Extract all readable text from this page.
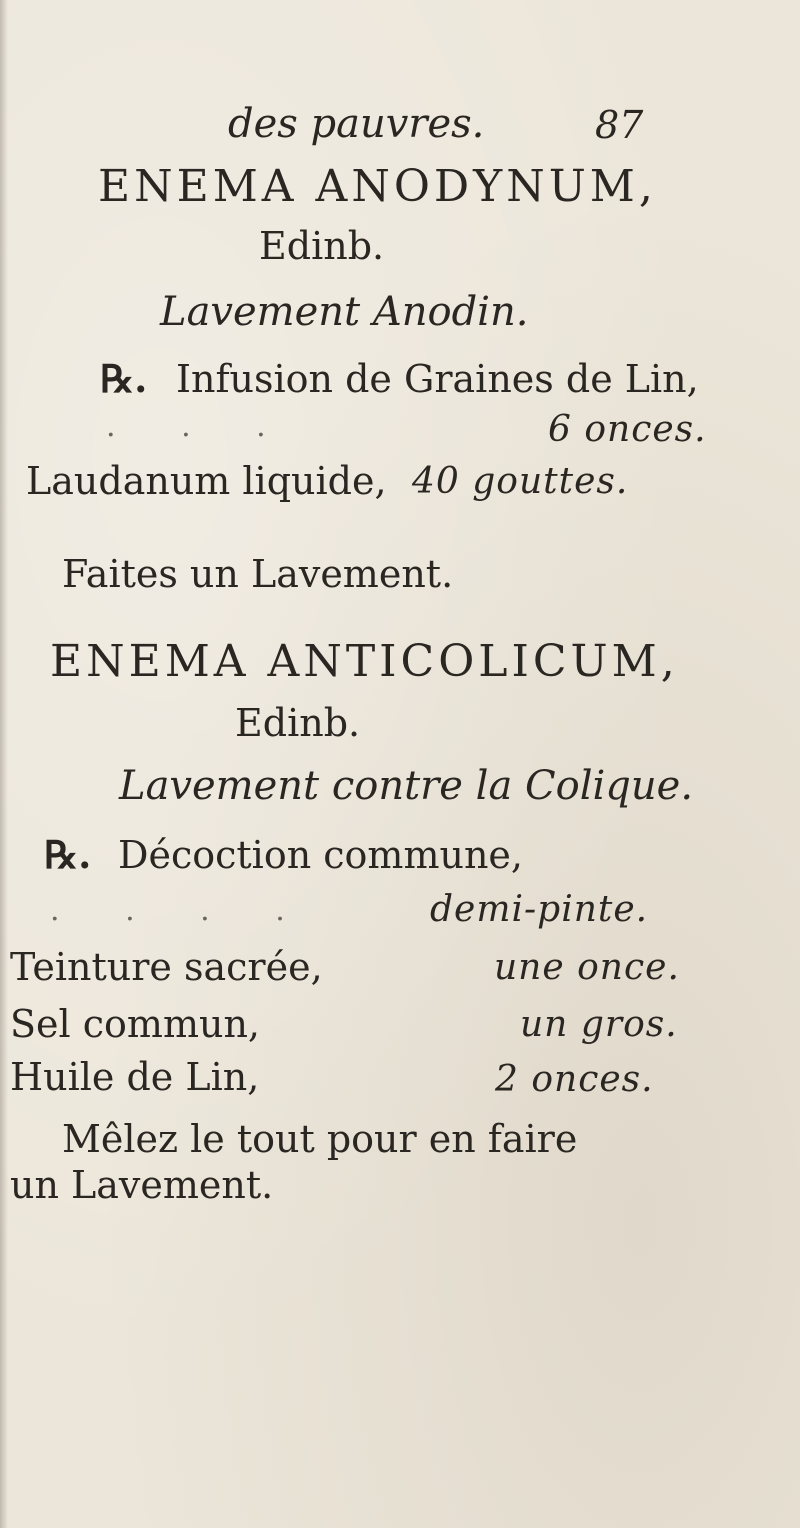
des pauvres.	87
ENEMA ANODYNUM,
Edinb.
Lavement Anodin.
℞. Infusion de Graines de Lin,
. . .	6 onces.
Laudanum liquide, 40 gouttes.
Faites un Lavement.
ENEMA ANTICOLICUM,
Edinb.
Lavement contre la Colique.
℞. Décoction commune,
. . . .	demi-pinte.
Teinture sacrée,	une once.
Sel commun,	un gros.
Huile de Lin,	2 onces.
Mêlez le tout pour en faire
un Lavement.
